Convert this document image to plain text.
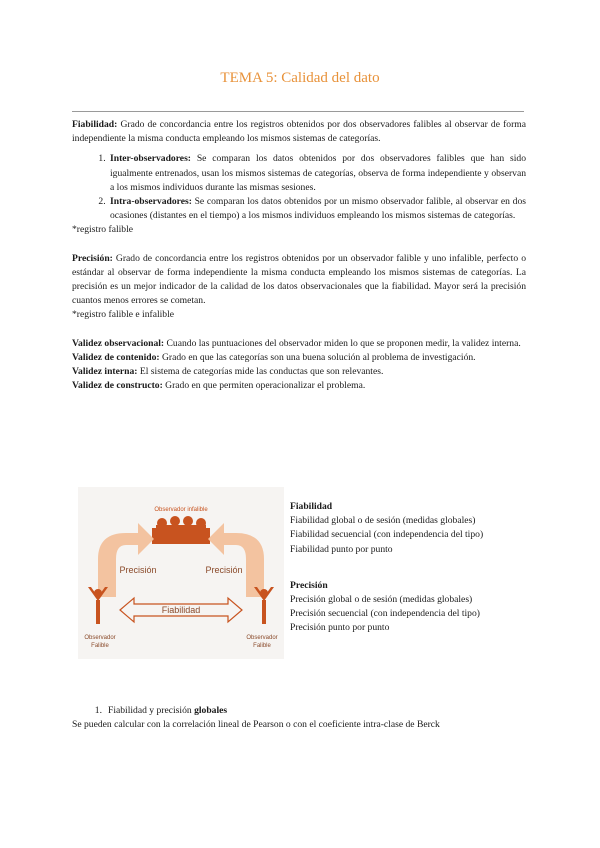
TEMA 5: Calidad del dato

Fiabilidad: Grado de concordancia entre los registros obtenidos por dos observadores falibles al observar de forma independiente la misma conducta empleando los mismos sistemas de categorías.

1. Inter-observadores: Se comparan los datos obtenidos por dos observadores falibles que han sido igualmente entrenados, usan los mismos sistemas de categorías, observa de forma independiente y observan a los mismos individuos durante las mismas sesiones.
2. Intra-observadores: Se comparan los datos obtenidos por un mismo observador falible, al observar en dos ocasiones (distantes en el tiempo) a los mismos individuos empleando los mismos sistemas de categorías.

*registro falible

Precisión: Grado de concordancia entre los registros obtenidos por un observador falible y uno infalible, perfecto o estándar al observar de forma independiente la misma conducta empleando los mismos sistemas de categorías. La precisión es un mejor indicador de la calidad de los datos observacionales que la fiabilidad. Mayor será la precisión cuantos menos errores se cometan.

*registro falible e infalible

Validez observacional: Cuando las puntuaciones del observador miden lo que se proponen medir, la validez interna.

Validez de contenido: Grado en que las categorías son una buena solución al problema de investigación.

Validez interna: El sistema de categorías mide las conductas que son relevantes.

Validez de constructo: Grado en que permiten operacionalizar el problema.

Observador infalible
Precisión	Precisión
Fiabilidad
Observador Falible
Observador Falible

Fiabilidad

Fiabilidad global o de sesión (medidas globales)

Fiabilidad secuencial (con independencia del tipo)

Fiabilidad punto por punto

Precisión

Precisión global o de sesión (medidas globales)

Precisión secuencial (con independencia del tipo)

Precisión punto por punto

1. Fiabilidad y precisión globales

Se pueden calcular con la correlación lineal de Pearson o con el coeficiente intra-clase de Berck
